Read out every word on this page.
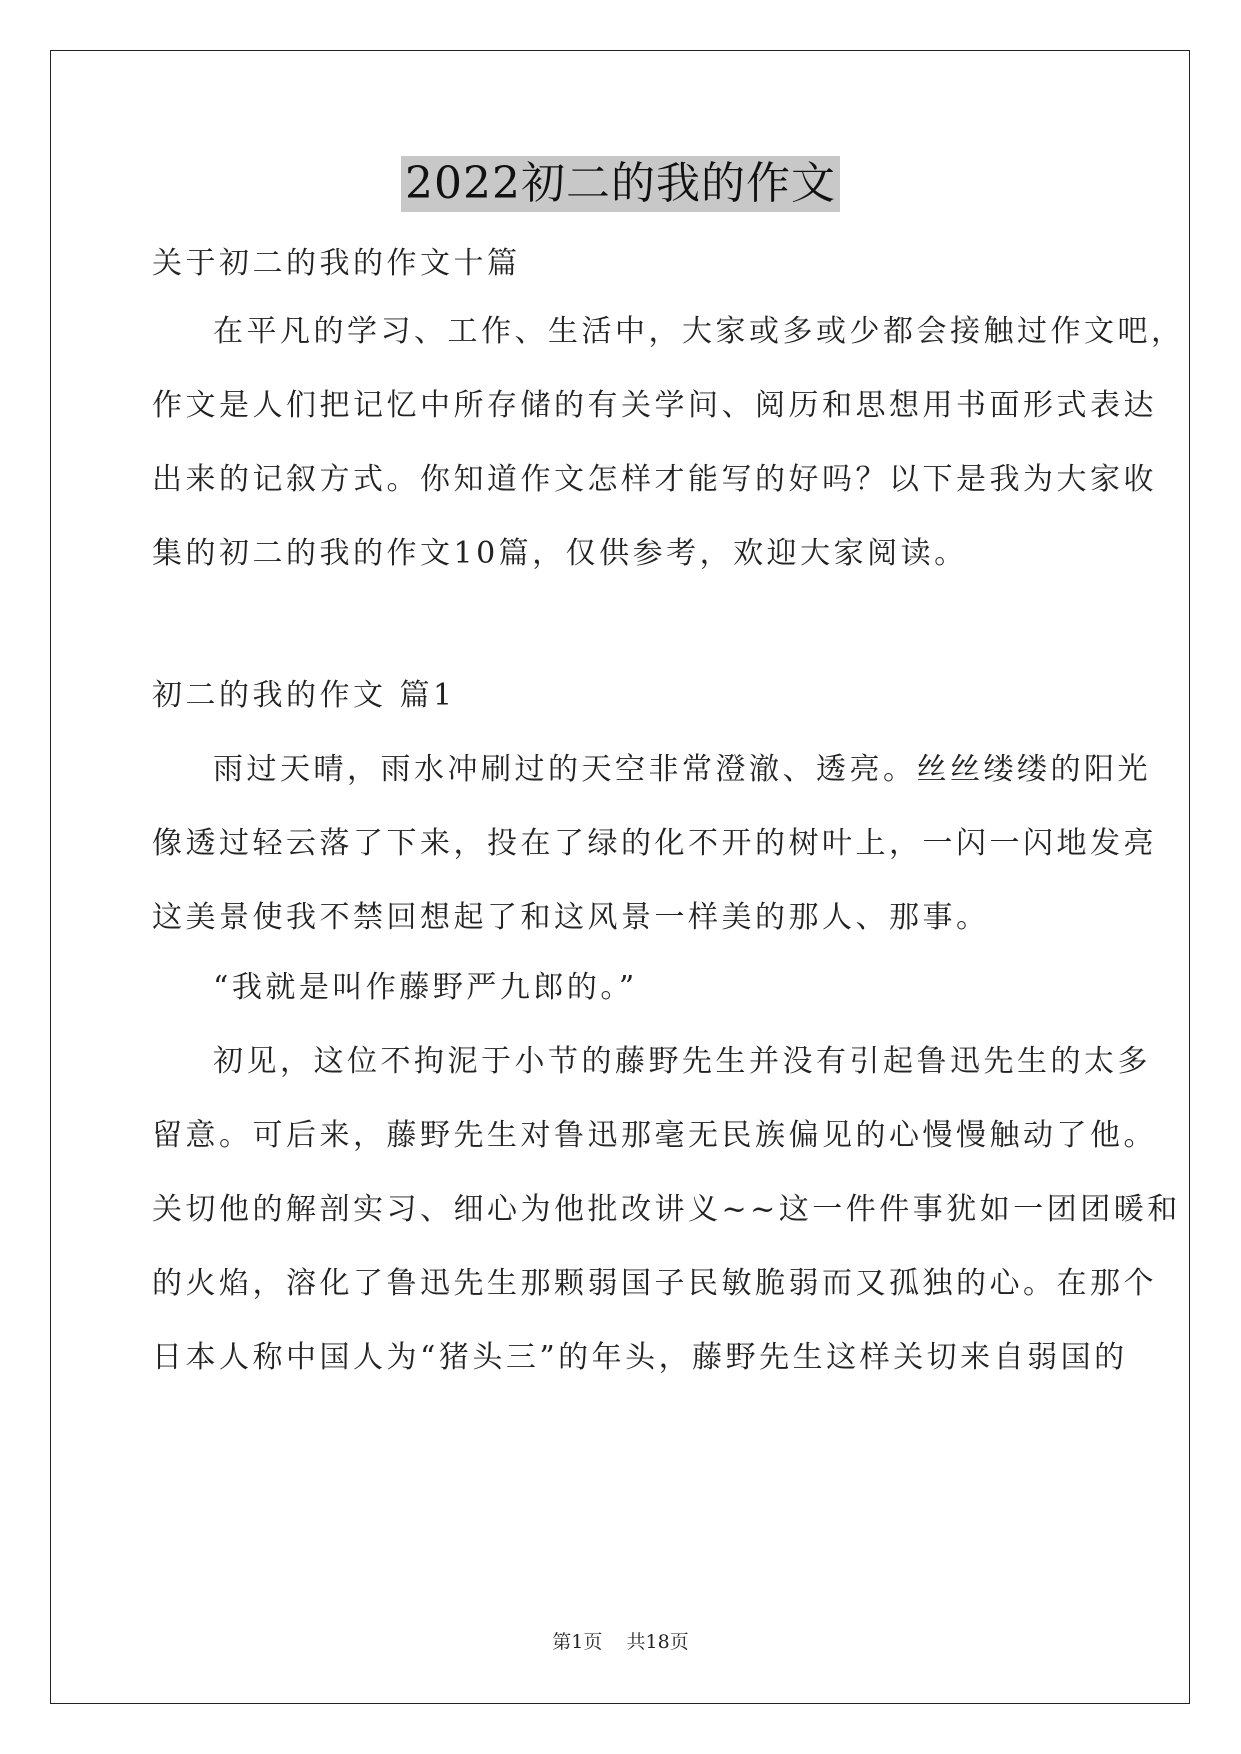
2022初二的我的作文
关于初二的我的作文十篇
在平凡的学习、工作、生活中，大家或多或少都会接触过作文吧，
作文是人们把记忆中所存储的有关学问、阅历和思想用书面形式表达
出来的记叙方式。你知道作文怎样才能写的好吗？以下是我为大家收
集的初二的我的作文10篇，仅供参考，欢迎大家阅读。
初二的我的作文 篇1
雨过天晴，雨水冲刷过的天空非常澄澈、透亮。丝丝缕缕的阳光
像透过轻云落了下来，投在了绿的化不开的树叶上，一闪一闪地发亮
这美景使我不禁回想起了和这风景一样美的那人、那事。
“我就是叫作藤野严九郎的。”
初见，这位不拘泥于小节的藤野先生并没有引起鲁迅先生的太多
留意。可后来，藤野先生对鲁迅那毫无民族偏见的心慢慢触动了他。
关切他的解剖实习、细心为他批改讲义~~这一件件事犹如一团团暖和
的火焰，溶化了鲁迅先生那颗弱国子民敏脆弱而又孤独的心。在那个
日本人称中国人为“猪头三”的年头，藤野先生这样关切来自弱国的
第1页    共18页
